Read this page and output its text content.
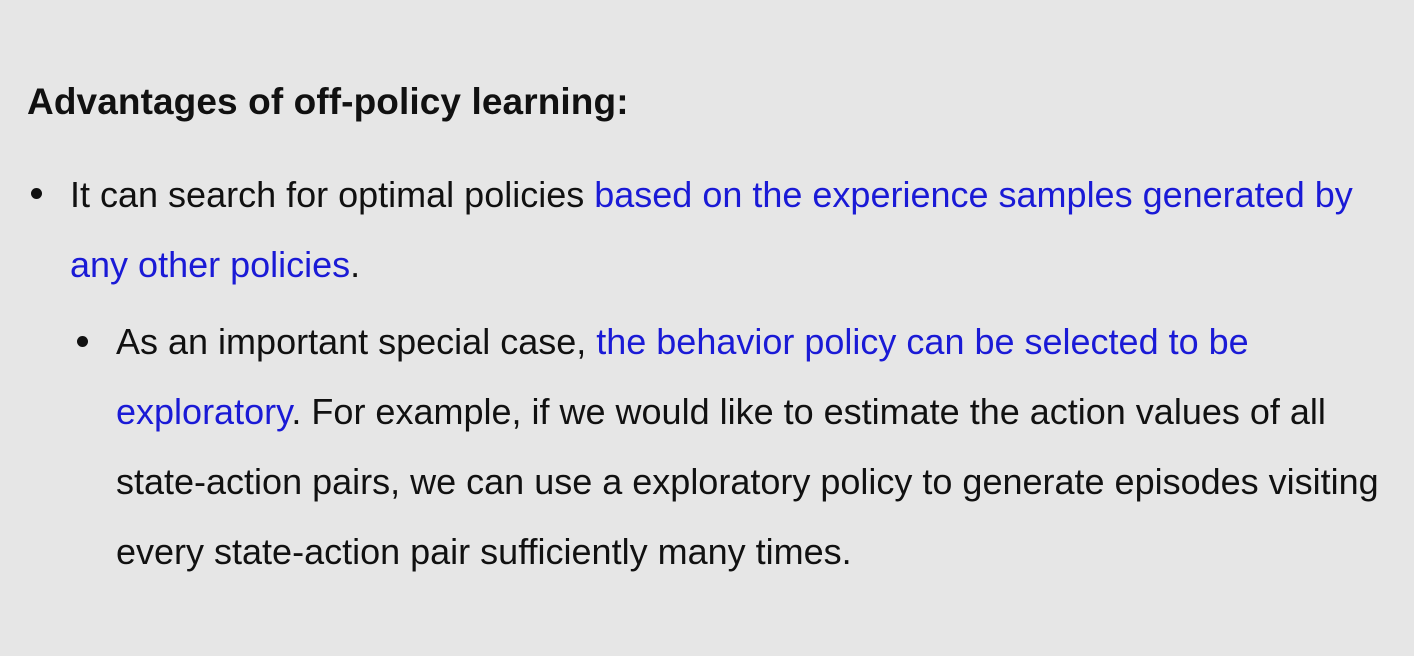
Advantages of off-policy learning:

It can search for optimal policies based on the experience samples generated by any other policies.

As an important special case, the behavior policy can be selected to be exploratory. For example, if we would like to estimate the action values of all state-action pairs, we can use a exploratory policy to generate episodes visiting every state-action pair sufficiently many times.
